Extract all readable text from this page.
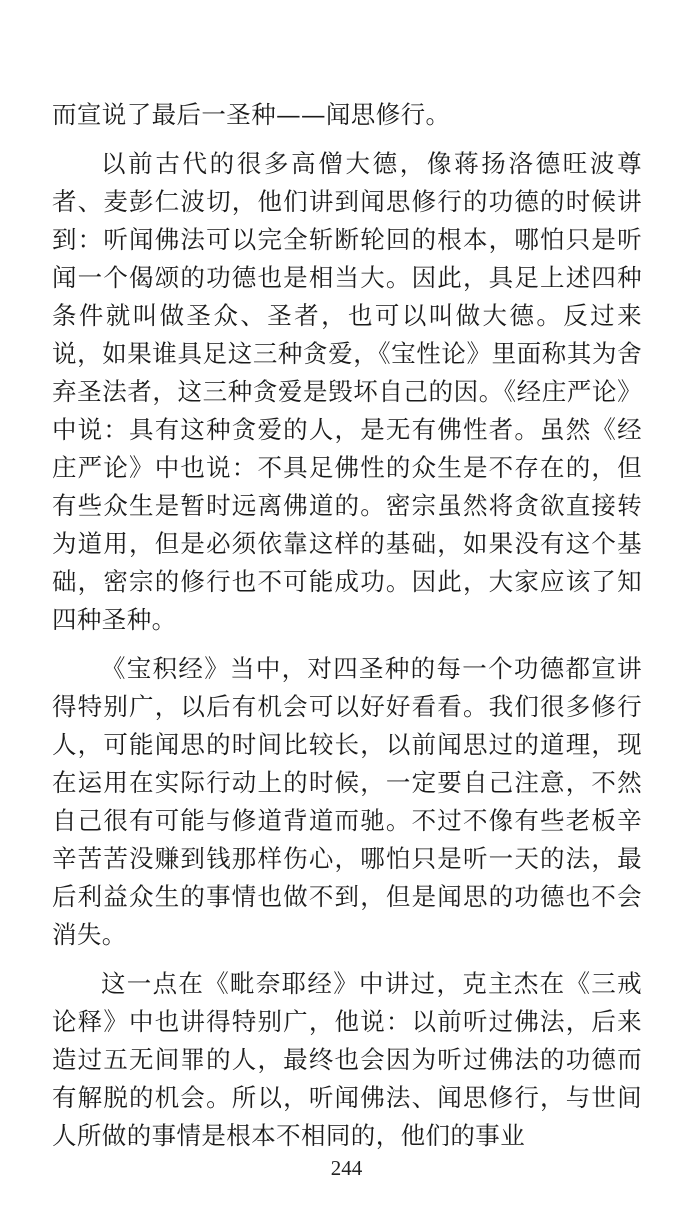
而宣说了最后一圣种——闻思修行。

以前古代的很多高僧大德，像蒋扬洛德旺波尊者、麦彭仁波切，他们讲到闻思修行的功德的时候讲到：听闻佛法可以完全斩断轮回的根本，哪怕只是听闻一个偈颂的功德也是相当大。因此，具足上述四种条件就叫做圣众、圣者，也可以叫做大德。反过来说，如果谁具足这三种贪爱，《宝性论》里面称其为舍弃圣法者，这三种贪爱是毁坏自己的因。《经庄严论》中说：具有这种贪爱的人，是无有佛性者。虽然《经庄严论》中也说：不具足佛性的众生是不存在的，但有些众生是暂时远离佛道的。密宗虽然将贪欲直接转为道用，但是必须依靠这样的基础，如果没有这个基础，密宗的修行也不可能成功。因此，大家应该了知四种圣种。

《宝积经》当中，对四圣种的每一个功德都宣讲得特别广，以后有机会可以好好看看。我们很多修行人，可能闻思的时间比较长，以前闻思过的道理，现在运用在实际行动上的时候，一定要自己注意，不然自己很有可能与修道背道而驰。不过不像有些老板辛辛苦苦没赚到钱那样伤心，哪怕只是听一天的法，最后利益众生的事情也做不到，但是闻思的功德也不会消失。

这一点在《毗奈耶经》中讲过，克主杰在《三戒论释》中也讲得特别广，他说：以前听过佛法，后来造过五无间罪的人，最终也会因为听过佛法的功德而有解脱的机会。所以，听闻佛法、闻思修行，与世间人所做的事情是根本不相同的，他们的事业

244
